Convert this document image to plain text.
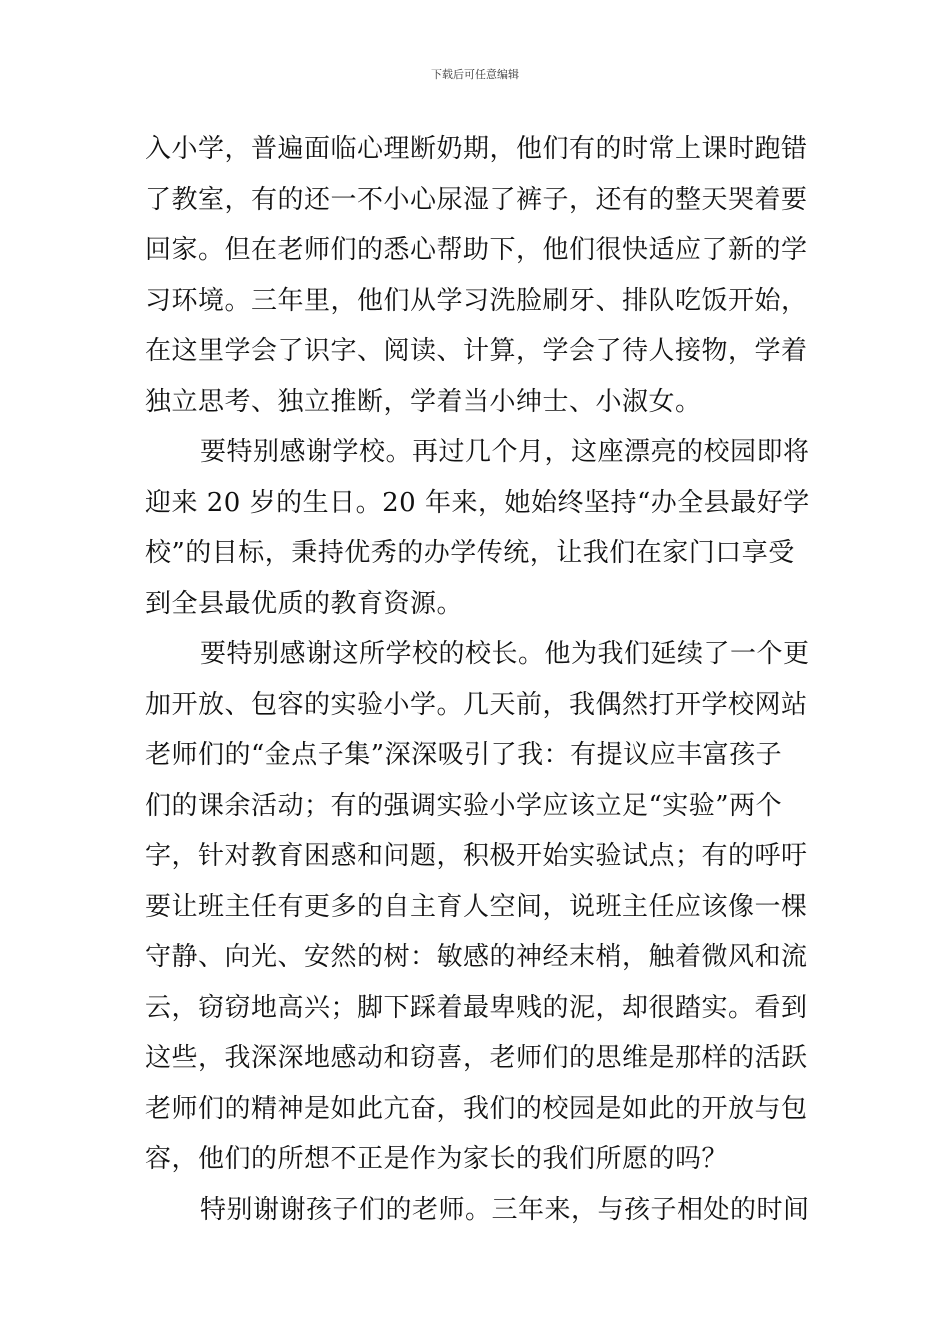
下载后可任意编辑
入小学，普遍面临心理断奶期，他们有的时常上课时跑错
了教室，有的还一不小心尿湿了裤子，还有的整天哭着要
回家。但在老师们的悉心帮助下，他们很快适应了新的学
习环境。三年里，他们从学习洗脸刷牙、排队吃饭开始，
在这里学会了识字、阅读、计算，学会了待人接物，学着
独立思考、独立推断，学着当小绅士、小淑女。
要特别感谢学校。再过几个月，这座漂亮的校园即将
迎来 20 岁的生日。20 年来，她始终坚持“办全县最好学
校”的目标，秉持优秀的办学传统，让我们在家门口享受
到全县最优质的教育资源。
要特别感谢这所学校的校长。他为我们延续了一个更
加开放、包容的实验小学。几天前，我偶然打开学校网站
老师们的“金点子集”深深吸引了我：有提议应丰富孩子
们的课余活动；有的强调实验小学应该立足“实验”两个
字，针对教育困惑和问题，积极开始实验试点；有的呼吁
要让班主任有更多的自主育人空间，说班主任应该像一棵
守静、向光、安然的树：敏感的神经末梢，触着微风和流
云，窃窃地高兴；脚下踩着最卑贱的泥，却很踏实。看到
这些，我深深地感动和窃喜，老师们的思维是那样的活跃
老师们的精神是如此亢奋，我们的校园是如此的开放与包
容，他们的所想不正是作为家长的我们所愿的吗？
特别谢谢孩子们的老师。三年来，与孩子相处的时间
